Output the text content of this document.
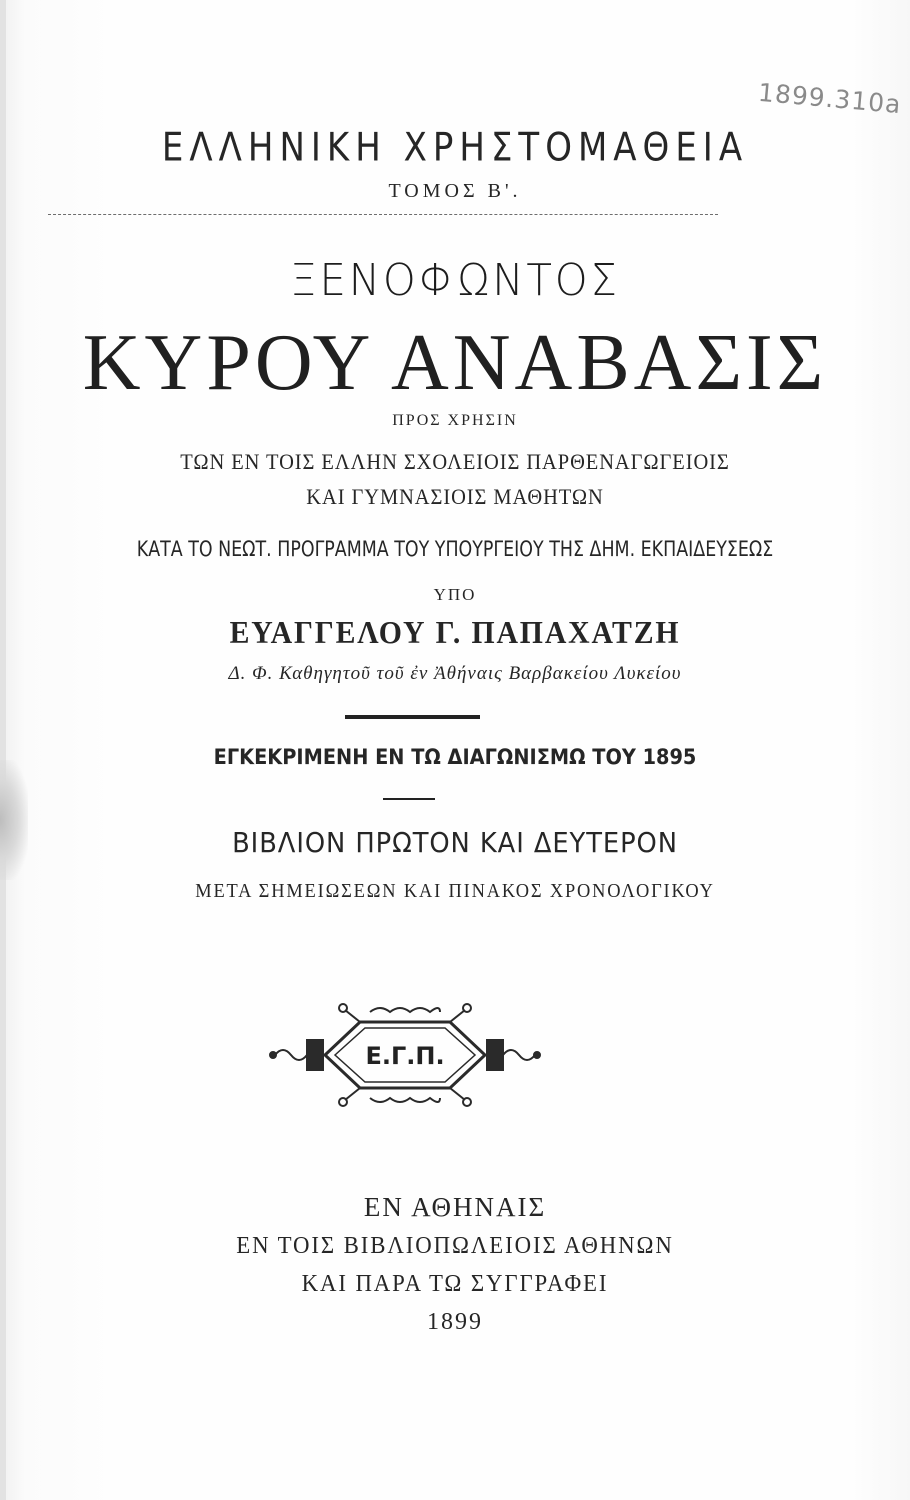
1899.310a
ΕΛΛΗΝΙΚΗ ΧΡΗΣΤΟΜΑΘΕΙΑ
ΤΟΜΟΣ Β'.
ΞΕΝΟΦΩΝΤΟΣ
ΚΥΡΟΥ ΑΝΑΒΑΣΙΣ
ΠΡΟΣ ΧΡΗΣΙΝ
ΤΩΝ ΕΝ ΤΟΙΣ ΕΛΛΗΝ ΣΧΟΛΕΙΟΙΣ ΠΑΡΘΕΝΑΓΩΓΕΙΟΙΣ
ΚΑΙ ΓΥΜΝΑΣΙΟΙΣ ΜΑΘΗΤΩΝ
ΚΑΤΑ ΤΟ ΝΕΩΤ. ΠΡΟΓΡΑΜΜΑ ΤΟΥ ΥΠΟΥΡΓΕΙΟΥ ΤΗΣ ΔΗΜ. ΕΚΠΑΙΔΕΥΣΕΩΣ
ΥΠΟ
ΕΥΑΓΓΕΛΟΥ Γ. ΠΑΠΑΧΑΤΖΗ
Δ. Φ. Καθηγητοῦ τοῦ ἐν Ἀθήναις Βαρβακείου Λυκείου
ΕΓΚΕΚΡΙΜΕΝΗ ΕΝ ΤΩ ΔΙΑΓΩΝΙΣΜΩ ΤΟΥ 1895
ΒΙΒΛΙΟΝ ΠΡΩΤΟΝ ΚΑΙ ΔΕΥΤΕΡΟΝ
ΜΕΤΑ ΣΗΜΕΙΩΣΕΩΝ ΚΑΙ ΠΙΝΑΚΟΣ ΧΡΟΝΟΛΟΓΙΚΟΥ
Ε.Γ.Π.
ΕΝ ΑΘΗΝΑΙΣ
ΕΝ ΤΟΙΣ ΒΙΒΛΙΟΠΩΛΕΙΟΙΣ ΑΘΗΝΩΝ
ΚΑΙ ΠΑΡΑ ΤΩ ΣΥΓΓΡΑΦΕΙ
1899
